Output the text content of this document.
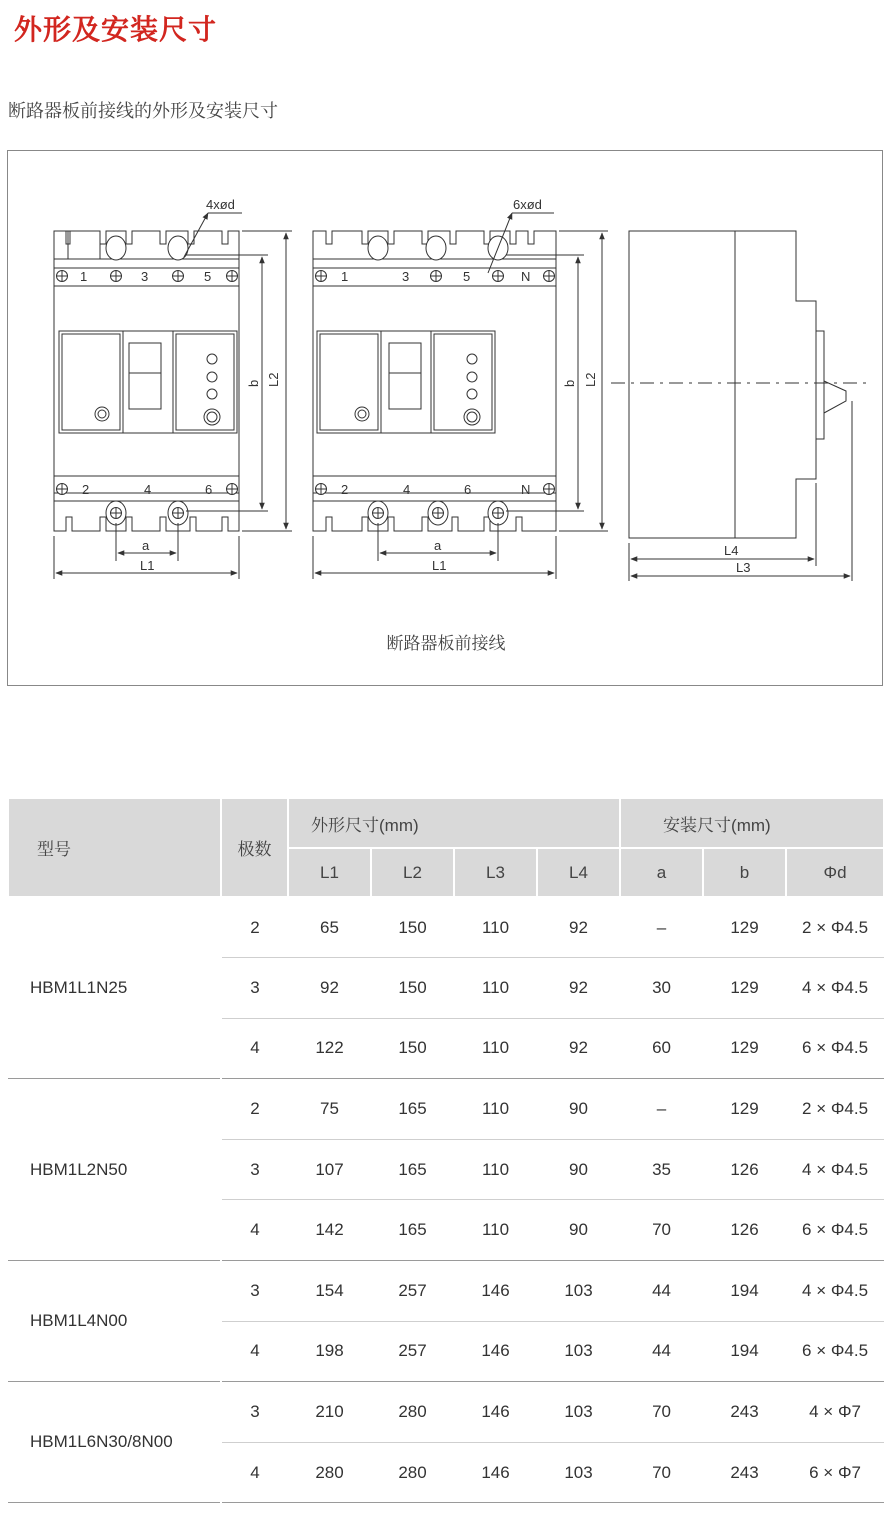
外形及安装尺寸
断路器板前接线的外形及安装尺寸
4xød	6xød
1	3	5
2	4	6
1	3	5	N
2	4	6	N
a
L1
a
L1
L4
L3
b L2	b L2
断路器板前接线
型号	极数	外形尺寸(mm)				安装尺寸(mm)		
		L1	L2	L3	L4	a	b	Φd
HBM1L1N25	2	65	150	110	92	–	129	2 × Φ4.5
	3	92	150	110	92	30	129	4 × Φ4.5
	4	122	150	110	92	60	129	6 × Φ4.5
HBM1L2N50	2	75	165	110	90	–	129	2 × Φ4.5
	3	107	165	110	90	35	126	4 × Φ4.5
	4	142	165	110	90	70	126	6 × Φ4.5
HBM1L4N00	3	154	257	146	103	44	194	4 × Φ4.5
	4	198	257	146	103	44	194	6 × Φ4.5
HBM1L6N30/8N00	3	210	280	146	103	70	243	4 × Φ7
	4	280	280	146	103	70	243	6 × Φ7
